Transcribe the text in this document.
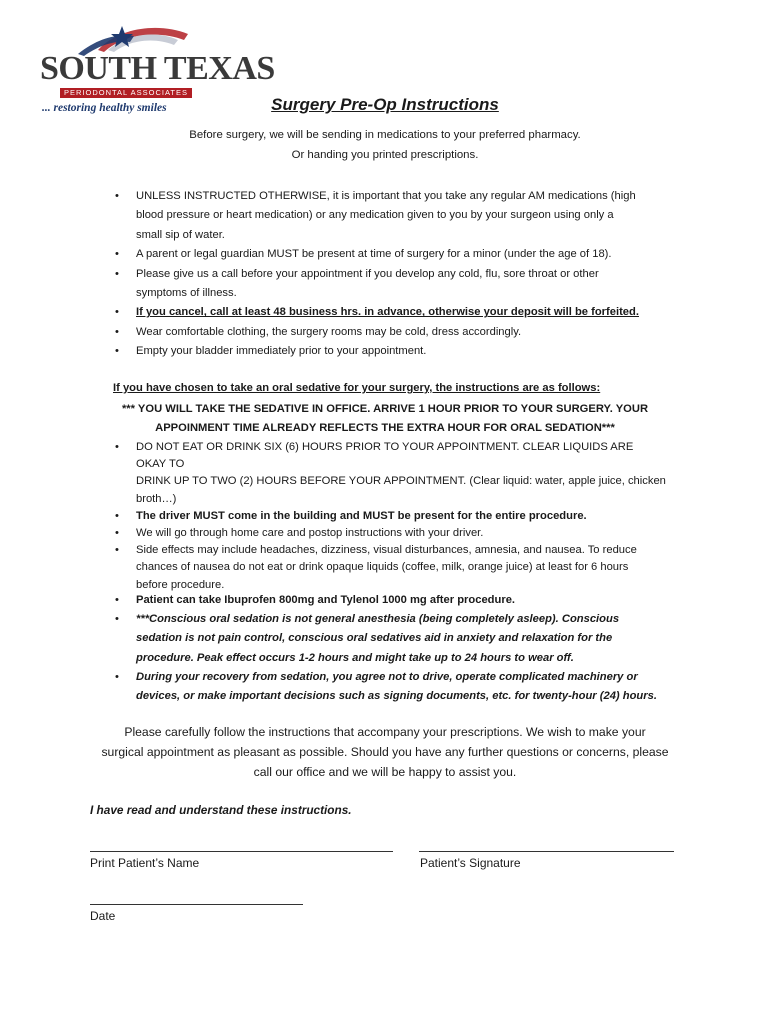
SOUTH TEXAS
PERIODONTAL ASSOCIATES
... restoring healthy smiles	Surgery Pre-Op Instructions
Before surgery, we will be sending in medications to your preferred pharmacy.
Or handing you printed prescriptions.
• UNLESS INSTRUCTED OTHERWISE, it is important that you take any regular AM medications (high
blood pressure or heart medication) or any medication given to you by your surgeon using only a
small sip of water.
• A parent or legal guardian MUST be present at time of surgery for a minor (under the age of 18).
• Please give us a call before your appointment if you develop any cold, flu, sore throat or other
symptoms of illness.
• If you cancel, call at least 48 business hrs. in advance, otherwise your deposit will be forfeited.
• Wear comfortable clothing, the surgery rooms may be cold, dress accordingly.
• Empty your bladder immediately prior to your appointment.
If you have chosen to take an oral sedative for your surgery, the instructions are as follows:
*** YOU WILL TAKE THE SEDATIVE IN OFFICE. ARRIVE 1 HOUR PRIOR TO YOUR SURGERY. YOUR
APPOINMENT TIME ALREADY REFLECTS THE EXTRA HOUR FOR ORAL SEDATION***
• DO NOT EAT OR DRINK SIX (6) HOURS PRIOR TO YOUR APPOINTMENT. CLEAR LIQUIDS ARE OKAY TO
DRINK UP TO TWO (2) HOURS BEFORE YOUR APPOINTMENT. (Clear liquid: water, apple juice, chicken
broth…)
• The driver MUST come in the building and MUST be present for the entire procedure.
• We will go through home care and postop instructions with your driver.
• Side effects may include headaches, dizziness, visual disturbances, amnesia, and nausea. To reduce
chances of nausea do not eat or drink opaque liquids (coffee, milk, orange juice) at least for 6 hours
before procedure.
• Patient can take Ibuprofen 800mg and Tylenol 1000 mg after procedure.
• ***Conscious oral sedation is not general anesthesia (being completely asleep). Conscious
sedation is not pain control, conscious oral sedatives aid in anxiety and relaxation for the
procedure. Peak effect occurs 1-2 hours and might take up to 24 hours to wear off.
• During your recovery from sedation, you agree not to drive, operate complicated machinery or
devices, or make important decisions such as signing documents, etc. for twenty-hour (24) hours.
Please carefully follow the instructions that accompany your prescriptions. We wish to make your
surgical appointment as pleasant as possible. Should you have any further questions or concerns, please
call our office and we will be happy to assist you.
I have read and understand these instructions.
Print Patient’s Name	Patient’s Signature
Date
